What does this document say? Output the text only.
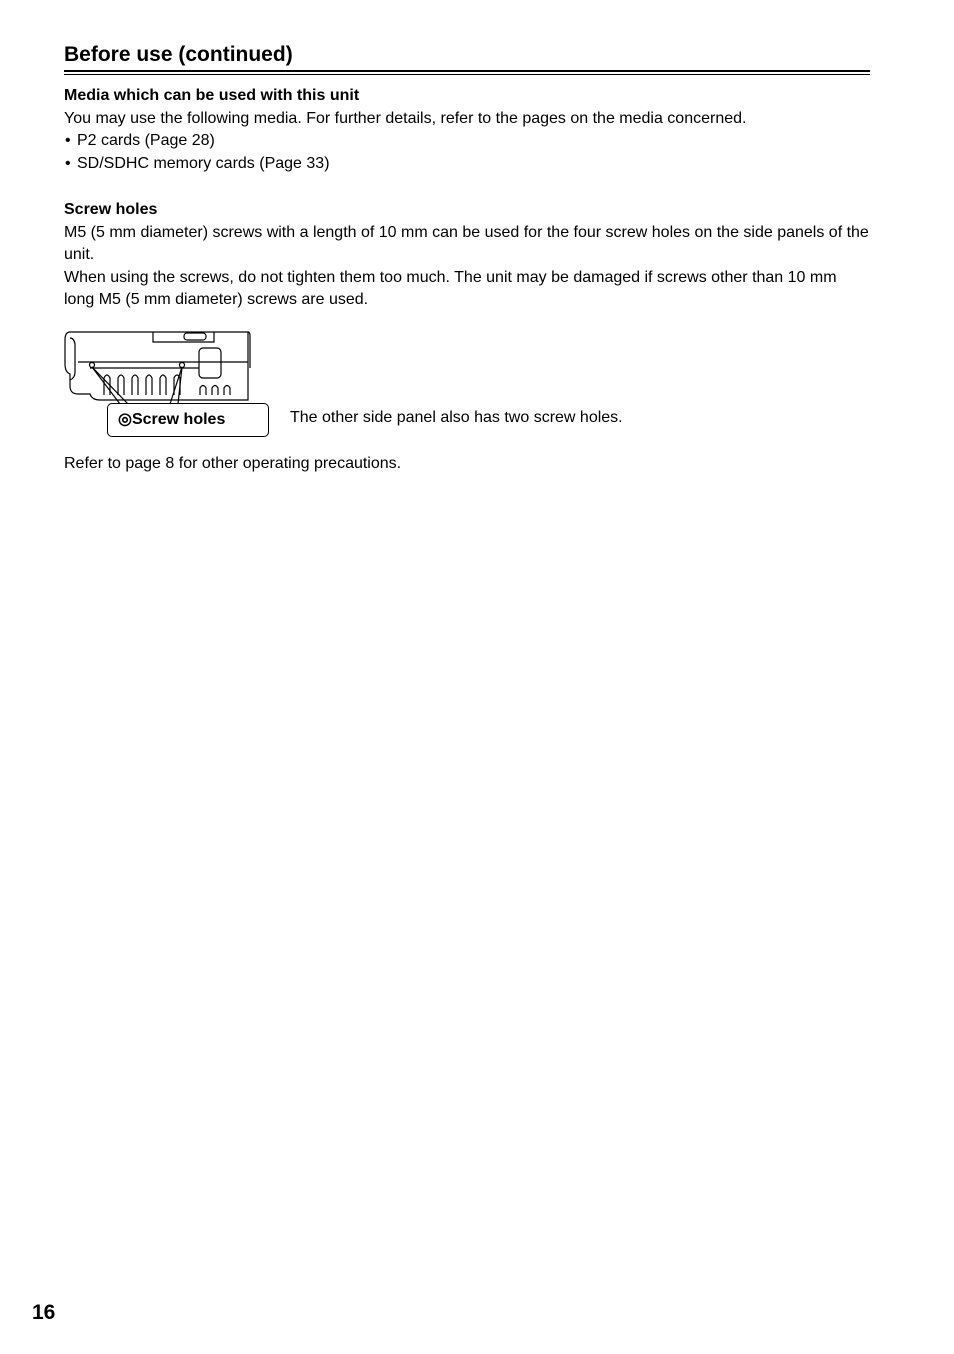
Before use (continued)

Media which can be used with this unit

You may use the following media. For further details, refer to the pages on the media concerned.

• P2 cards (Page 28)
• SD/SDHC memory cards (Page 33)

Screw holes

M5 (5 mm diameter) screws with a length of 10 mm can be used for the four screw holes on the side panels of the unit.

When using the screws, do not tighten them too much. The unit may be damaged if screws other than 10 mm long M5 (5 mm diameter) screws are used.

◎Screw holes	The other side panel also has two screw holes.
Refer to page 8 for other operating precautions.
16
